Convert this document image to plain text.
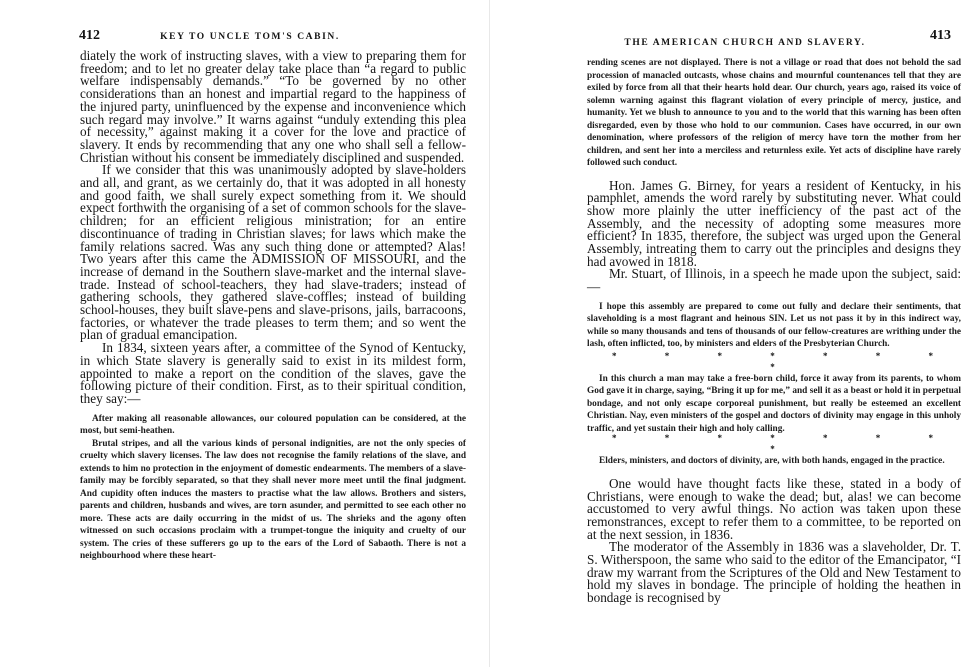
412	KEY TO UNCLE TOM'S CABIN.

diately the work of instructing slaves, with a view to preparing them for freedom; and to let no greater delay take place than “a regard to public welfare indispensably demands.” “To be governed by no other considerations than an honest and impartial regard to the happiness of the injured party, uninfluenced by the expense and inconvenience which such regard may involve.” It warns against “unduly extending this plea of necessity,” against making it a cover for the love and practice of slavery. It ends by recommending that any one who shall sell a fellow-Christian without his consent be immediately disciplined and suspended.

If we consider that this was unanimously adopted by slave-holders and all, and grant, as we certainly do, that it was adopted in all honesty and good faith, we shall surely expect something from it. We should expect forthwith the organising of a set of common schools for the slave-children; for an efficient religious ministration; for an entire discontinuance of trading in Christian slaves; for laws which make the family relations sacred. Was any such thing done or attempted? Alas! Two years after this came the ADMISSION OF MISSOURI, and the increase of demand in the Southern slave-market and the internal slave-trade. Instead of school-teachers, they had slave-traders; instead of gathering schools, they gathered slave-coffles; instead of building school-houses, they built slave-pens and slave-prisons, jails, barracoons, factories, or whatever the trade pleases to term them; and so went the plan of gradual emancipation.

In 1834, sixteen years after, a committee of the Synod of Kentucky, in which State slavery is generally said to exist in its mildest form, appointed to make a report on the condition of the slaves, gave the following picture of their condition. First, as to their spiritual condition, they say:—

After making all reasonable allowances, our coloured population can be considered, at the most, but semi-heathen.

Brutal stripes, and all the various kinds of personal indignities, are not the only species of cruelty which slavery licenses. The law does not recognise the family relations of the slave, and extends to him no protection in the enjoyment of domestic endearments. The members of a slave-family may be forcibly separated, so that they shall never more meet until the final judgment. And cupidity often induces the masters to practise what the law allows. Brothers and sisters, parents and children, husbands and wives, are torn asunder, and permitted to see each other no more. These acts are daily occurring in the midst of us. The shrieks and the agony often witnessed on such occasions proclaim with a trumpet-tongue the iniquity and cruelty of our system. The cries of these sufferers go up to the ears of the Lord of Sabaoth. There is not a neighbourhood where these heart-

THE AMERICAN CHURCH AND SLAVERY.	413

rending scenes are not displayed. There is not a village or road that does not behold the sad procession of manacled outcasts, whose chains and mournful countenances tell that they are exiled by force from all that their hearts hold dear. Our church, years ago, raised its voice of solemn warning against this flagrant violation of every principle of mercy, justice, and humanity. Yet we blush to announce to you and to the world that this warning has been often disregarded, even by those who hold to our communion. Cases have occurred, in our own denomination, where professors of the religion of mercy have torn the mother from her children, and sent her into a merciless and returnless exile. Yet acts of discipline have rarely followed such conduct.

Hon. James G. Birney, for years a resident of Kentucky, in his pamphlet, amends the word rarely by substituting never. What could show more plainly the utter inefficiency of the past act of the Assembly, and the necessity of adopting some measures more efficient? In 1835, therefore, the subject was urged upon the General Assembly, intreating them to carry out the principles and designs they had avowed in 1818.

Mr. Stuart, of Illinois, in a speech he made upon the subject, said:—

I hope this assembly are prepared to come out fully and declare their sentiments, that slaveholding is a most flagrant and heinous SIN. Let us not pass it by in this indirect way, while so many thousands and tens of thousands of our fellow-creatures are writhing under the lash, often inflicted, too, by ministers and elders of the Presbyterian Church.

* * * * * * * *

In this church a man may take a free-born child, force it away from its parents, to whom God gave it in charge, saying, “Bring it up for me,” and sell it as a beast or hold it in perpetual bondage, and not only escape corporeal punishment, but really be esteemed an excellent Christian. Nay, even ministers of the gospel and doctors of divinity may engage in this unholy traffic, and yet sustain their high and holy calling.

* * * * * * * *

Elders, ministers, and doctors of divinity, are, with both hands, engaged in the practice.

One would have thought facts like these, stated in a body of Christians, were enough to wake the dead; but, alas! we can become accustomed to very awful things. No action was taken upon these remonstrances, except to refer them to a committee, to be reported on at the next session, in 1836.

The moderator of the Assembly in 1836 was a slaveholder, Dr. T. S. Witherspoon, the same who said to the editor of the Emancipator, “I draw my warrant from the Scriptures of the Old and New Testament to hold my slaves in bondage. The principle of holding the heathen in bondage is recognised by
